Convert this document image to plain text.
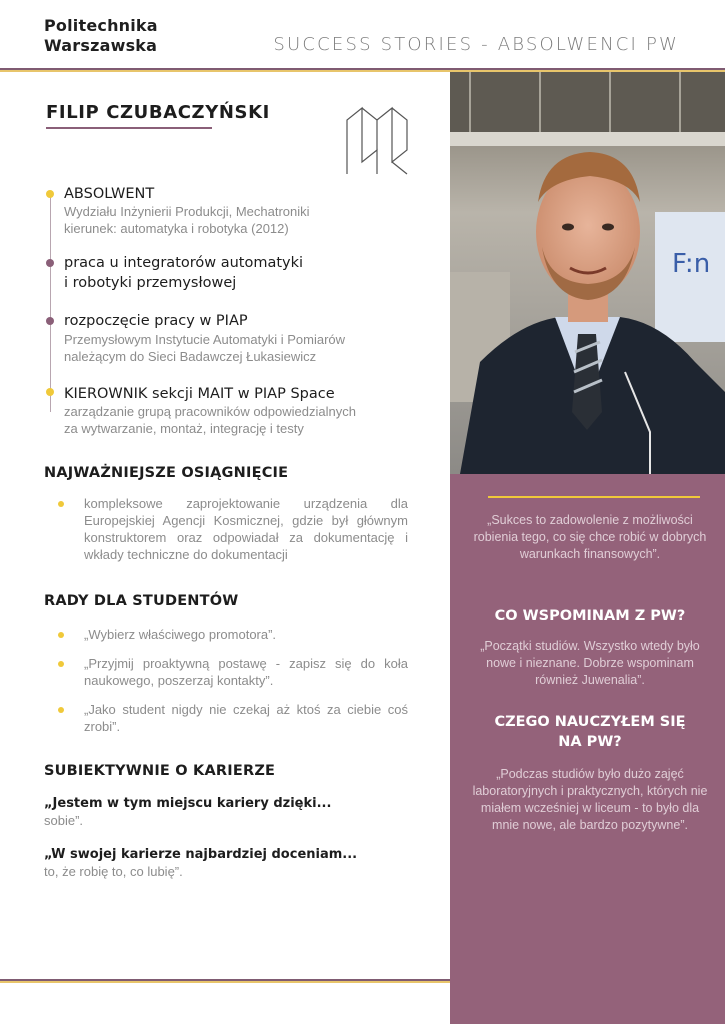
Politechnika
Warszawska	SUCCESS STORIES - ABSOLWENCI PW
FILIP CZUBACZYŃSKI
ABSOLWENT
Wydziału Inżynierii Produkcji, Mechatroniki
kierunek: automatyka i robotyka (2012)
praca u integratorów automatyki
i robotyki przemysłowej
rozpoczęcie pracy w PIAP
Przemysłowym Instytucie Automatyki i Pomiarów
należącym do Sieci Badawczej Łukasiewicz
KIEROWNIK sekcji MAIT w PIAP Space
zarządzanie grupą pracowników odpowiedzialnych
za wytwarzanie, montaż, integrację i testy
NAJWAŻNIEJSZE OSIĄGNIĘCIE
kompleksowe zaprojektowanie urządzenia dla Europejskiej Agencji Kosmicznej, gdzie był głównym konstruktorem oraz odpowiadał za dokumentację i wkłady techniczne do dokumentacji
RADY DLA STUDENTÓW
„Wybierz właściwego promotora”.
„Przyjmij proaktywną postawę - zapisz się do koła naukowego, poszerzaj kontakty”.
„Jako student nigdy nie czekaj aż ktoś za ciebie coś zrobi”.
SUBIEKTYWNIE O KARIERZE
„Jestem w tym miejscu kariery dzięki...
sobie”.
„W swojej karierze najbardziej doceniam...
to, że robię to, co lubię”.
F:n
„Sukces to zadowolenie z możliwości robienia tego, co się chce robić w dobrych warunkach finansowych”.
CO WSPOMINAM Z PW?
„Początki studiów. Wszystko wtedy było nowe i nieznane. Dobrze wspominam również Juwenalia”.
CZEGO NAUCZYŁEM SIĘ NA PW?
„Podczas studiów było dużo zajęć laboratoryjnych i praktycznych, których nie miałem wcześniej w liceum - to było dla mnie nowe, ale bardzo pozytywne”.
